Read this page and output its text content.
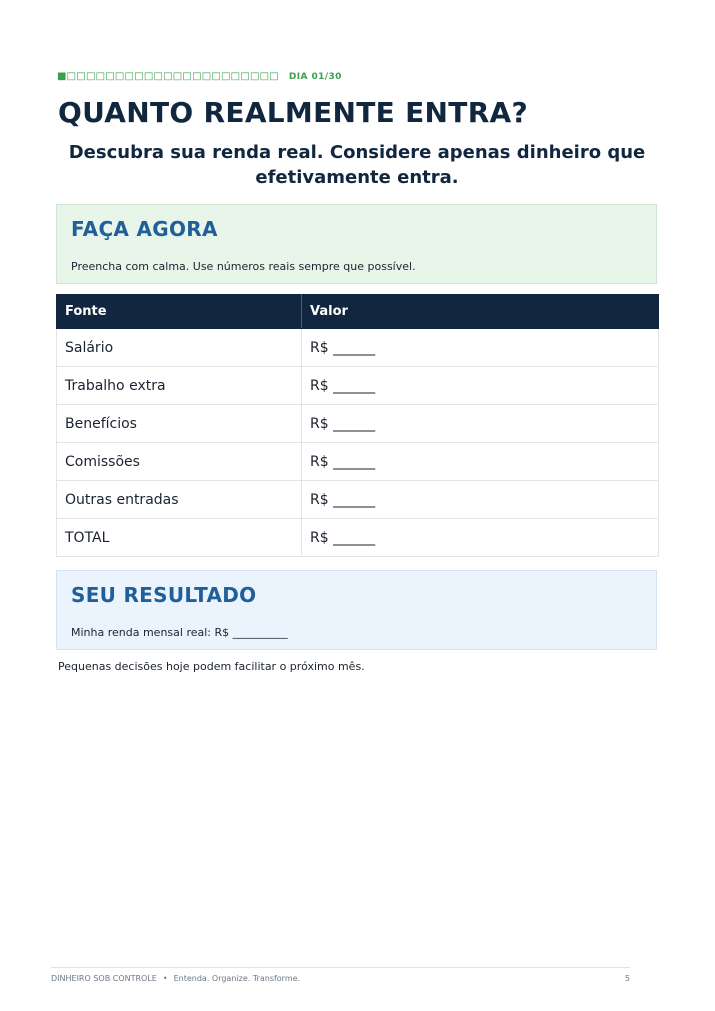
■□□□□□□□□□□□□□□□□□□□□□□ DIA 01/30
QUANTO REALMENTE ENTRA?

Descubra sua renda real. Considere apenas dinheiro que efetivamente entra.

FAÇA AGORA

Preencha com calma. Use números reais sempre que possível.

Fonte	Valor
Salário	R$ ______
Trabalho extra	R$ ______
Benefícios	R$ ______
Comissões	R$ ______
Outras entradas	R$ ______
TOTAL	R$ ______
SEU RESULTADO

Minha renda mensal real: R$ __________

Pequenas decisões hoje podem facilitar o próximo mês.

DINHEIRO SOB CONTROLE • Entenda. Organize. Transforme.	5
